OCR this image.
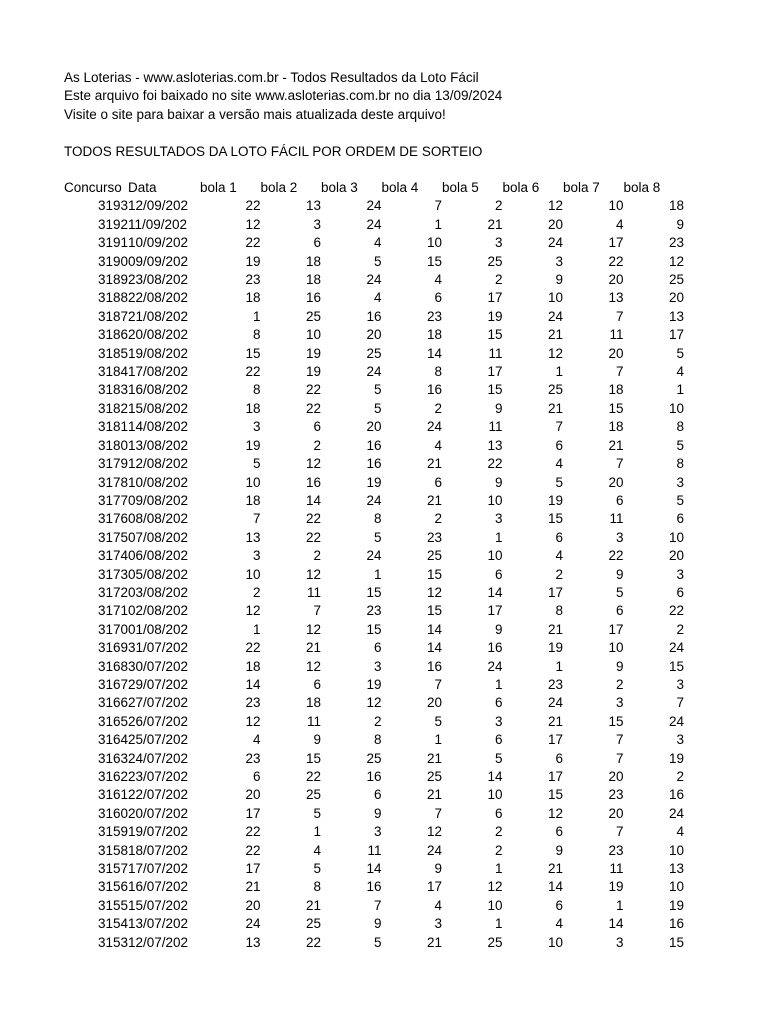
As Loterias - www.asloterias.com.br - Todos Resultados da Loto Fácil
Este arquivo foi baixado no site www.asloterias.com.br no dia 13/09/2024
Visite o site para baixar a versão mais atualizada deste arquivo!
TODOS RESULTADOS DA LOTO FÁCIL POR ORDEM DE SORTEIO
Concurso	Data	bola 1	bola 2	bola 3	bola 4	bola 5	bola 6	bola 7	bola 8
3193	12/09/202	22	13	24	7	2	12	10	18
3192	11/09/202	12	3	24	1	21	20	4	9
3191	10/09/202	22	6	4	10	3	24	17	23
3190	09/09/202	19	18	5	15	25	3	22	12
3189	23/08/202	23	18	24	4	2	9	20	25
3188	22/08/202	18	16	4	6	17	10	13	20
3187	21/08/202	1	25	16	23	19	24	7	13
3186	20/08/202	8	10	20	18	15	21	11	17
3185	19/08/202	15	19	25	14	11	12	20	5
3184	17/08/202	22	19	24	8	17	1	7	4
3183	16/08/202	8	22	5	16	15	25	18	1
3182	15/08/202	18	22	5	2	9	21	15	10
3181	14/08/202	3	6	20	24	11	7	18	8
3180	13/08/202	19	2	16	4	13	6	21	5
3179	12/08/202	5	12	16	21	22	4	7	8
3178	10/08/202	10	16	19	6	9	5	20	3
3177	09/08/202	18	14	24	21	10	19	6	5
3176	08/08/202	7	22	8	2	3	15	11	6
3175	07/08/202	13	22	5	23	1	6	3	10
3174	06/08/202	3	2	24	25	10	4	22	20
3173	05/08/202	10	12	1	15	6	2	9	3
3172	03/08/202	2	11	15	12	14	17	5	6
3171	02/08/202	12	7	23	15	17	8	6	22
3170	01/08/202	1	12	15	14	9	21	17	2
3169	31/07/202	22	21	6	14	16	19	10	24
3168	30/07/202	18	12	3	16	24	1	9	15
3167	29/07/202	14	6	19	7	1	23	2	3
3166	27/07/202	23	18	12	20	6	24	3	7
3165	26/07/202	12	11	2	5	3	21	15	24
3164	25/07/202	4	9	8	1	6	17	7	3
3163	24/07/202	23	15	25	21	5	6	7	19
3162	23/07/202	6	22	16	25	14	17	20	2
3161	22/07/202	20	25	6	21	10	15	23	16
3160	20/07/202	17	5	9	7	6	12	20	24
3159	19/07/202	22	1	3	12	2	6	7	4
3158	18/07/202	22	4	11	24	2	9	23	10
3157	17/07/202	17	5	14	9	1	21	11	13
3156	16/07/202	21	8	16	17	12	14	19	10
3155	15/07/202	20	21	7	4	10	6	1	19
3154	13/07/202	24	25	9	3	1	4	14	16
3153	12/07/202	13	22	5	21	25	10	3	15
